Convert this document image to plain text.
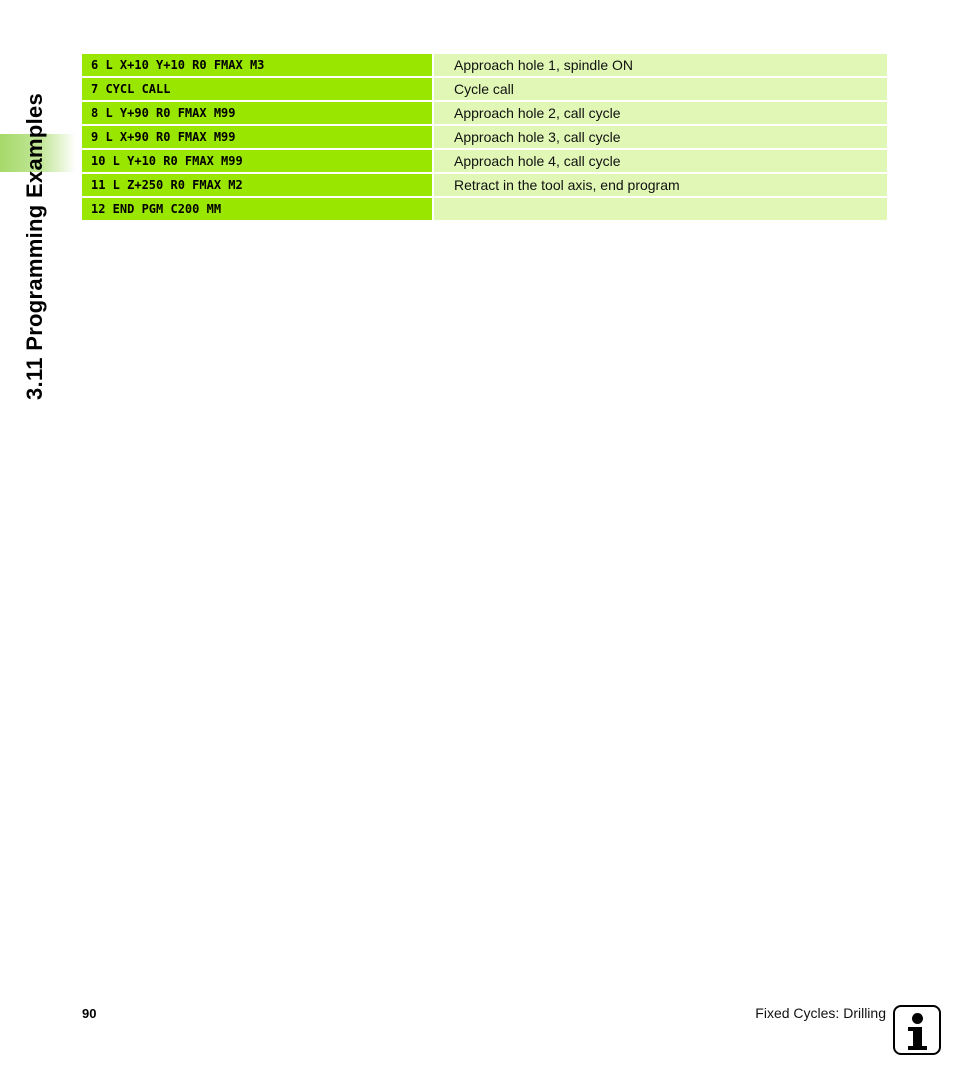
3.11 Programming Examples
6 L X+10 Y+10 R0 FMAX M3		Approach hole 1, spindle ON
7 CYCL CALL		Cycle call
8 L Y+90 R0 FMAX M99		Approach hole 2, call cycle
9 L X+90 R0 FMAX M99		Approach hole 3, call cycle
10 L Y+10 R0 FMAX M99		Approach hole 4, call cycle
11 L Z+250 R0 FMAX M2		Retract in the tool axis, end program
12 END PGM C200 MM		
90	Fixed Cycles: Drilling
